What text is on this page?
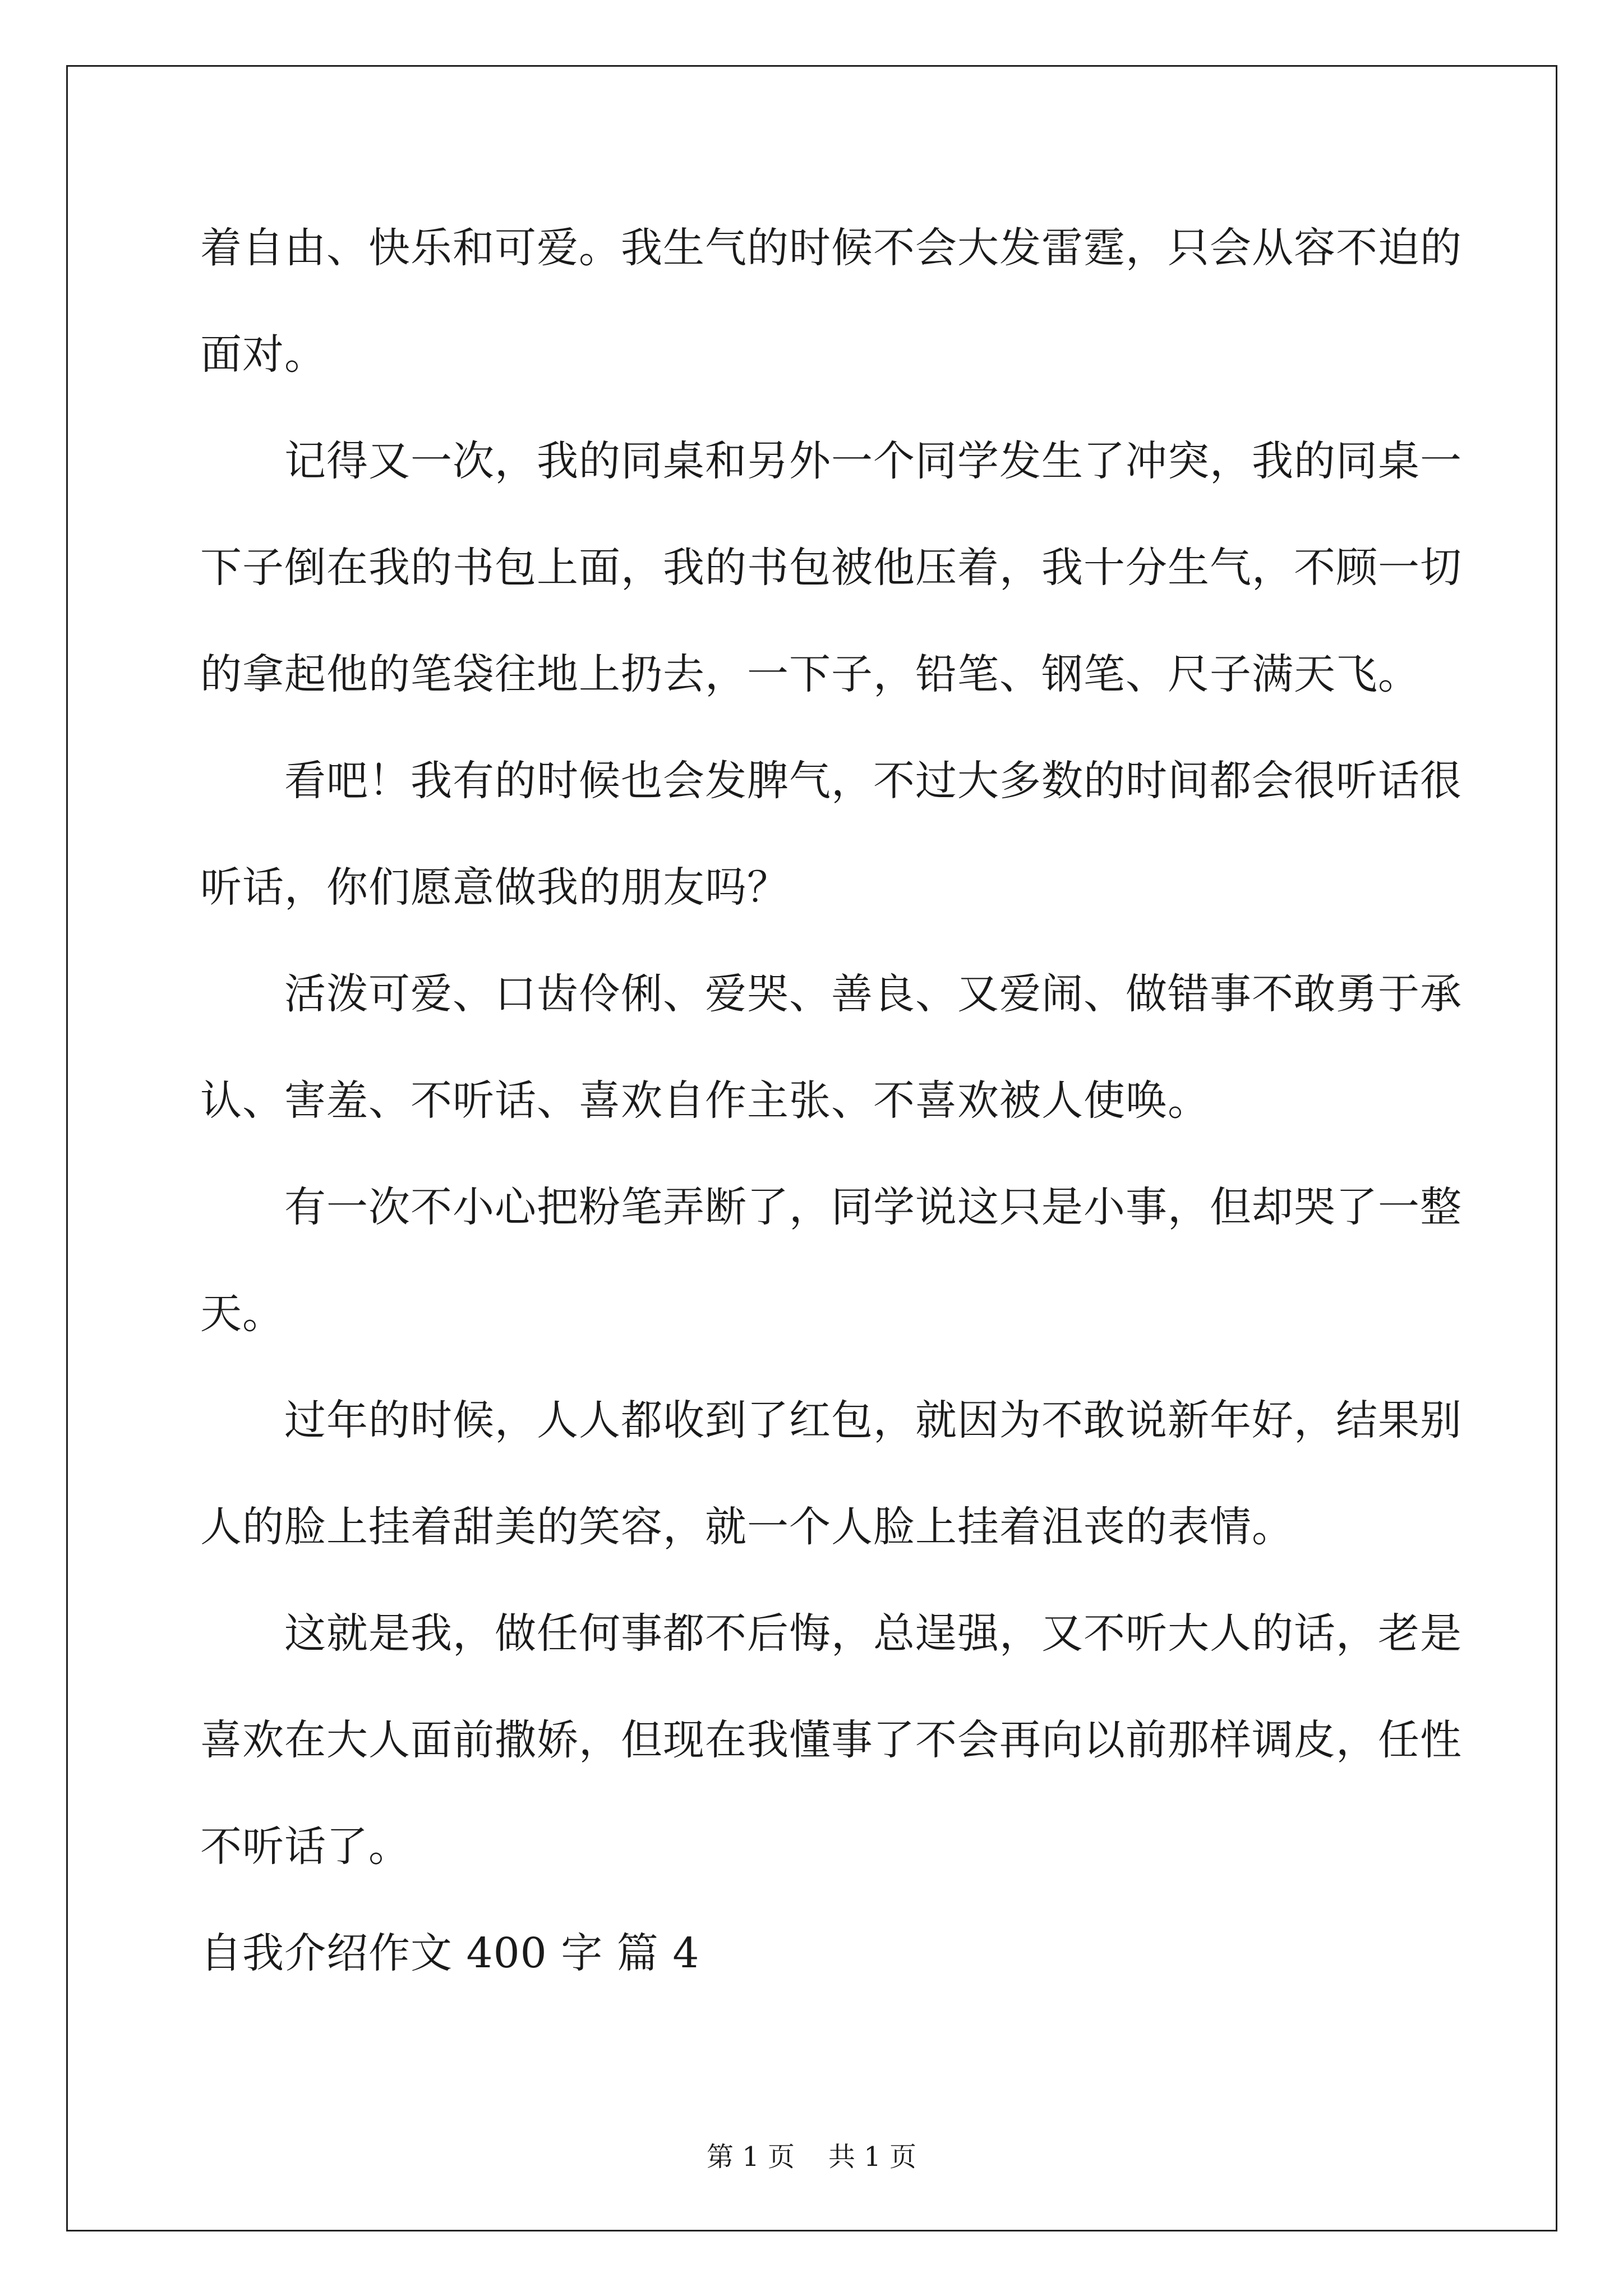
着自由、快乐和可爱。我生气的时候不会大发雷霆，只会从容不迫的
面对。
　　记得又一次，我的同桌和另外一个同学发生了冲突，我的同桌一
下子倒在我的书包上面，我的书包被他压着，我十分生气，不顾一切
的拿起他的笔袋往地上扔去，一下子，铅笔、钢笔、尺子满天飞。
　　看吧！我有的时候也会发脾气，不过大多数的时间都会很听话很
听话，你们愿意做我的朋友吗？
　　活泼可爱、口齿伶俐、爱哭、善良、又爱闹、做错事不敢勇于承
认、害羞、不听话、喜欢自作主张、不喜欢被人使唤。
　　有一次不小心把粉笔弄断了，同学说这只是小事，但却哭了一整
天。
　　过年的时候，人人都收到了红包，就因为不敢说新年好，结果别
人的脸上挂着甜美的笑容，就一个人脸上挂着沮丧的表情。
　　这就是我，做任何事都不后悔，总逞强，又不听大人的话，老是
喜欢在大人面前撒娇，但现在我懂事了不会再向以前那样调皮，任性
不听话了。
自我介绍作文 400 字 篇 4
第 1 页 共 1 页
